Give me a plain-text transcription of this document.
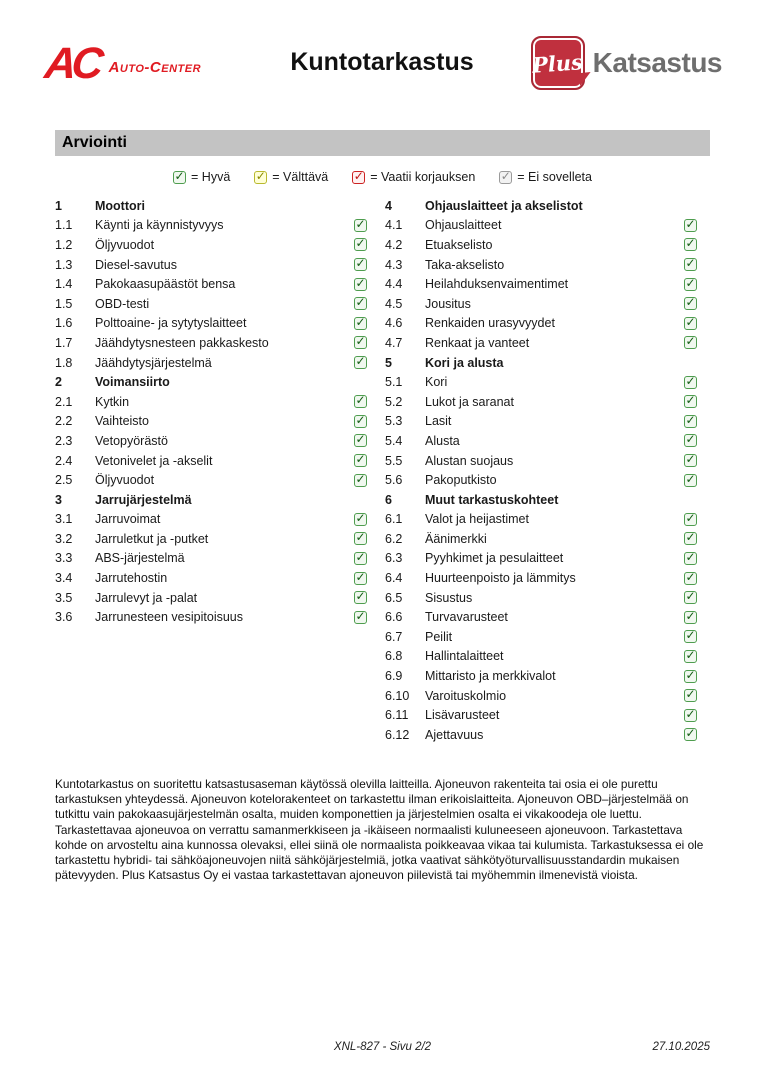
AC Auto-Center	Kuntotarkastus	Plus Katsastus
Arviointi
✓ = Hyvä ✓ = Välttävä ✓ = Vaatii korjauksen ✓ = Ei sovelleta
1	Moottori
1.1	Käynti ja käynnistyvyys	✓
1.2	Öljyvuodot	✓
1.3	Diesel-savutus	✓
1.4	Pakokaasupäästöt bensa	✓
1.5	OBD-testi	✓
1.6	Polttoaine- ja sytytyslaitteet	✓
1.7	Jäähdytysnesteen pakkaskesto	✓
1.8	Jäähdytysjärjestelmä	✓
2	Voimansiirto
2.1	Kytkin	✓
2.2	Vaihteisto	✓
2.3	Vetopyörästö	✓
2.4	Vetonivelet ja -akselit	✓
2.5	Öljyvuodot	✓
3	Jarrujärjestelmä
3.1	Jarruvoimat	✓
3.2	Jarruletkut ja -putket	✓
3.3	ABS-järjestelmä	✓
3.4	Jarrutehostin	✓
3.5	Jarrulevyt ja -palat	✓
3.6	Jarrunesteen vesipitoisuus	✓
4	Ohjauslaitteet ja akselistot
4.1	Ohjauslaitteet	✓
4.2	Etuakselisto	✓
4.3	Taka-akselisto	✓
4.4	Heilahduksenvaimentimet	✓
4.5	Jousitus	✓
4.6	Renkaiden urasyvyydet	✓
4.7	Renkaat ja vanteet	✓
5	Kori ja alusta
5.1	Kori	✓
5.2	Lukot ja saranat	✓
5.3	Lasit	✓
5.4	Alusta	✓
5.5	Alustan suojaus	✓
5.6	Pakoputkisto	✓
6	Muut tarkastuskohteet
6.1	Valot ja heijastimet	✓
6.2	Äänimerkki	✓
6.3	Pyyhkimet ja pesulaitteet	✓
6.4	Huurteenpoisto ja lämmitys	✓
6.5	Sisustus	✓
6.6	Turvavarusteet	✓
6.7	Peilit	✓
6.8	Hallintalaitteet	✓
6.9	Mittaristo ja merkkivalot	✓
6.10	Varoituskolmio	✓
6.11	Lisävarusteet	✓
6.12	Ajettavuus	✓
Kuntotarkastus on suoritettu katsastusaseman käytössä olevilla laitteilla. Ajoneuvon rakenteita tai osia ei ole purettu tarkastuksen yhteydessä. Ajoneuvon kotelorakenteet on tarkastettu ilman erikoislaitteita. Ajoneuvon OBD–järjestelmää on tutkittu vain pakokaasujärjestelmän osalta, muiden komponettien ja järjestelmien osalta ei vikakoodeja ole luettu. Tarkastettavaa ajoneuvoa on verrattu samanmerkkiseen ja -ikäiseen normaalisti kuluneeseen ajoneuvoon. Tarkastettava kohde on arvosteltu aina kunnossa olevaksi, ellei siinä ole normaalista poikkeavaa vikaa tai kulumista. Tarkastuksessa ei ole tarkastettu hybridi- tai sähköajoneuvojen niitä sähköjärjestelmiä, jotka vaativat sähkötyöturvallisuusstandardin mukaisen pätevyyden. Plus Katsastus Oy ei vastaa tarkastettavan ajoneuvon piilevistä tai myöhemmin ilmenevistä vioista.
XNL-827 - Sivu 2/2	27.10.2025
